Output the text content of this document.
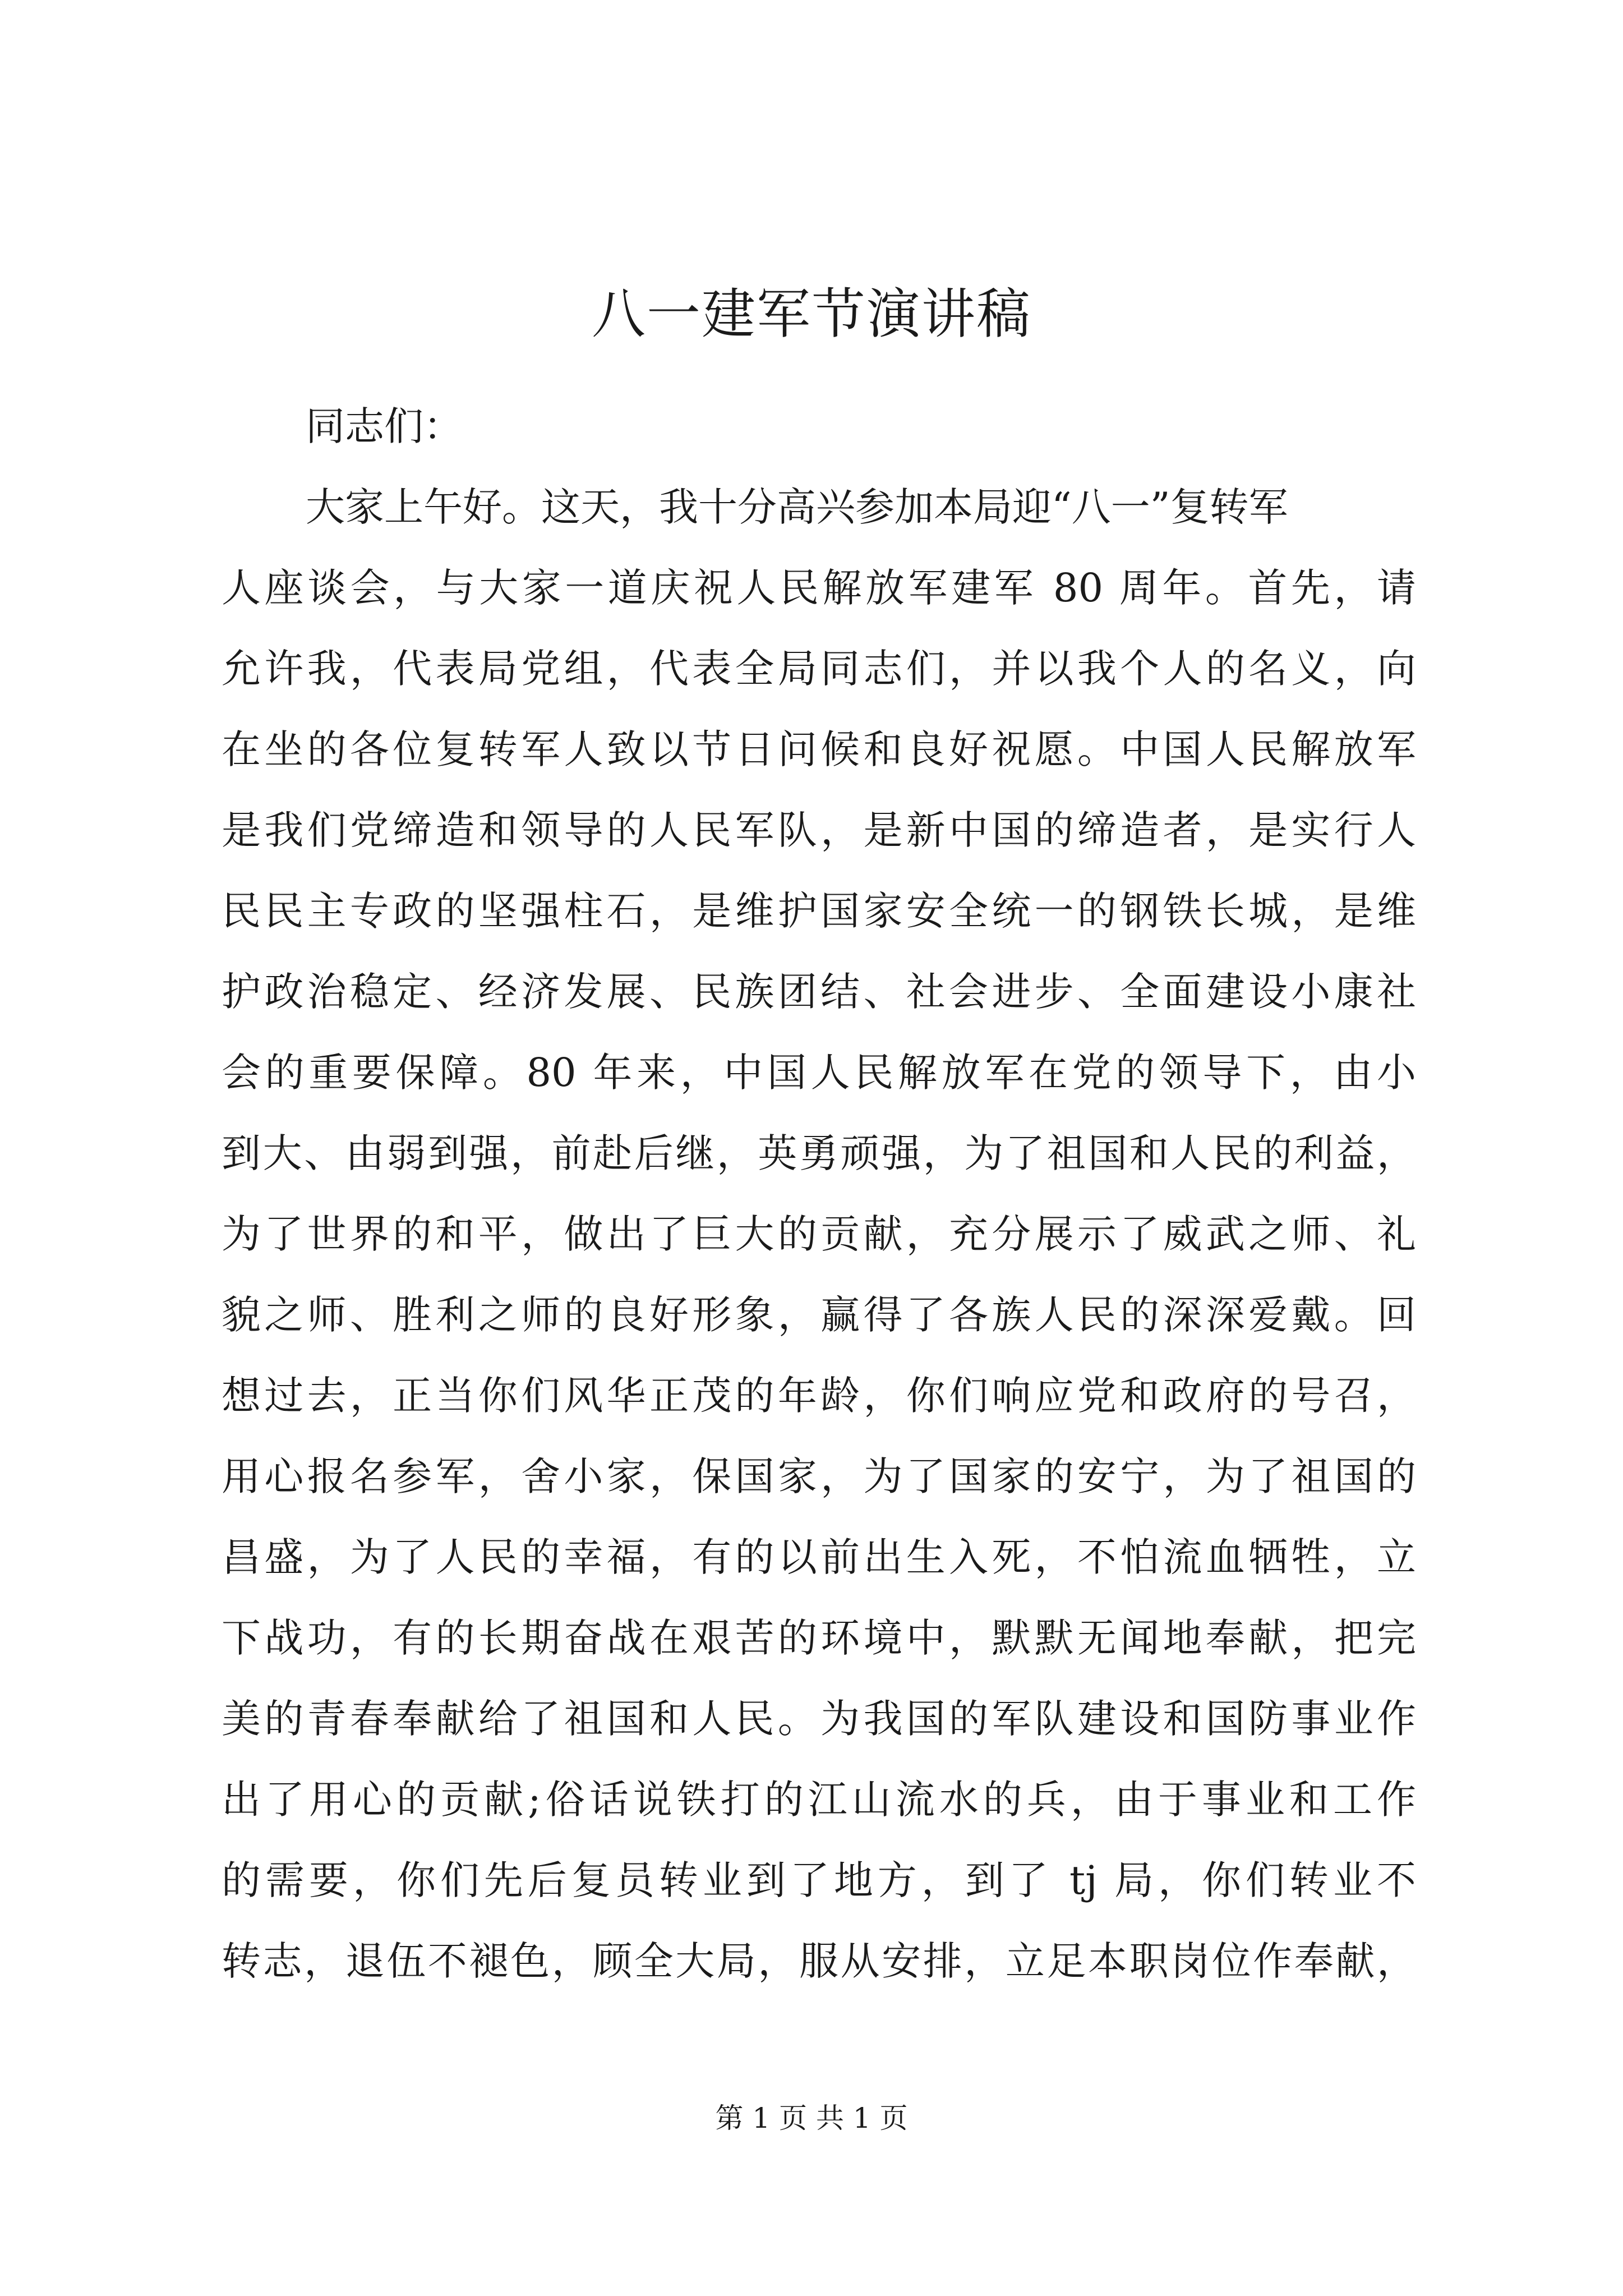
八一建军节演讲稿
同志们：
大家上午好。这天，我十分高兴参加本局迎“八一”复转军
人座谈会，与大家一道庆祝人民解放军建军 80 周年。首先，请
允许我，代表局党组，代表全局同志们，并以我个人的名义，向
在坐的各位复转军人致以节日问候和良好祝愿。中国人民解放军
是我们党缔造和领导的人民军队，是新中国的缔造者，是实行人
民民主专政的坚强柱石，是维护国家安全统一的钢铁长城，是维
护政治稳定、经济发展、民族团结、社会进步、全面建设小康社
会的重要保障。80 年来，中国人民解放军在党的领导下，由小
到大、由弱到强，前赴后继，英勇顽强，为了祖国和人民的利益，
为了世界的和平，做出了巨大的贡献，充分展示了威武之师、礼
貌之师、胜利之师的良好形象，赢得了各族人民的深深爱戴。回
想过去，正当你们风华正茂的年龄，你们响应党和政府的号召，
用心报名参军，舍小家，保国家，为了国家的安宁，为了祖国的
昌盛，为了人民的幸福，有的以前出生入死，不怕流血牺牲，立
下战功，有的长期奋战在艰苦的环境中，默默无闻地奉献，把完
美的青春奉献给了祖国和人民。为我国的军队建设和国防事业作
出了用心的贡献;俗话说铁打的江山流水的兵，由于事业和工作
的需要，你们先后复员转业到了地方，到了 tj 局，你们转业不
转志，退伍不褪色，顾全大局，服从安排，立足本职岗位作奉献，
第 1 页 共 1 页
